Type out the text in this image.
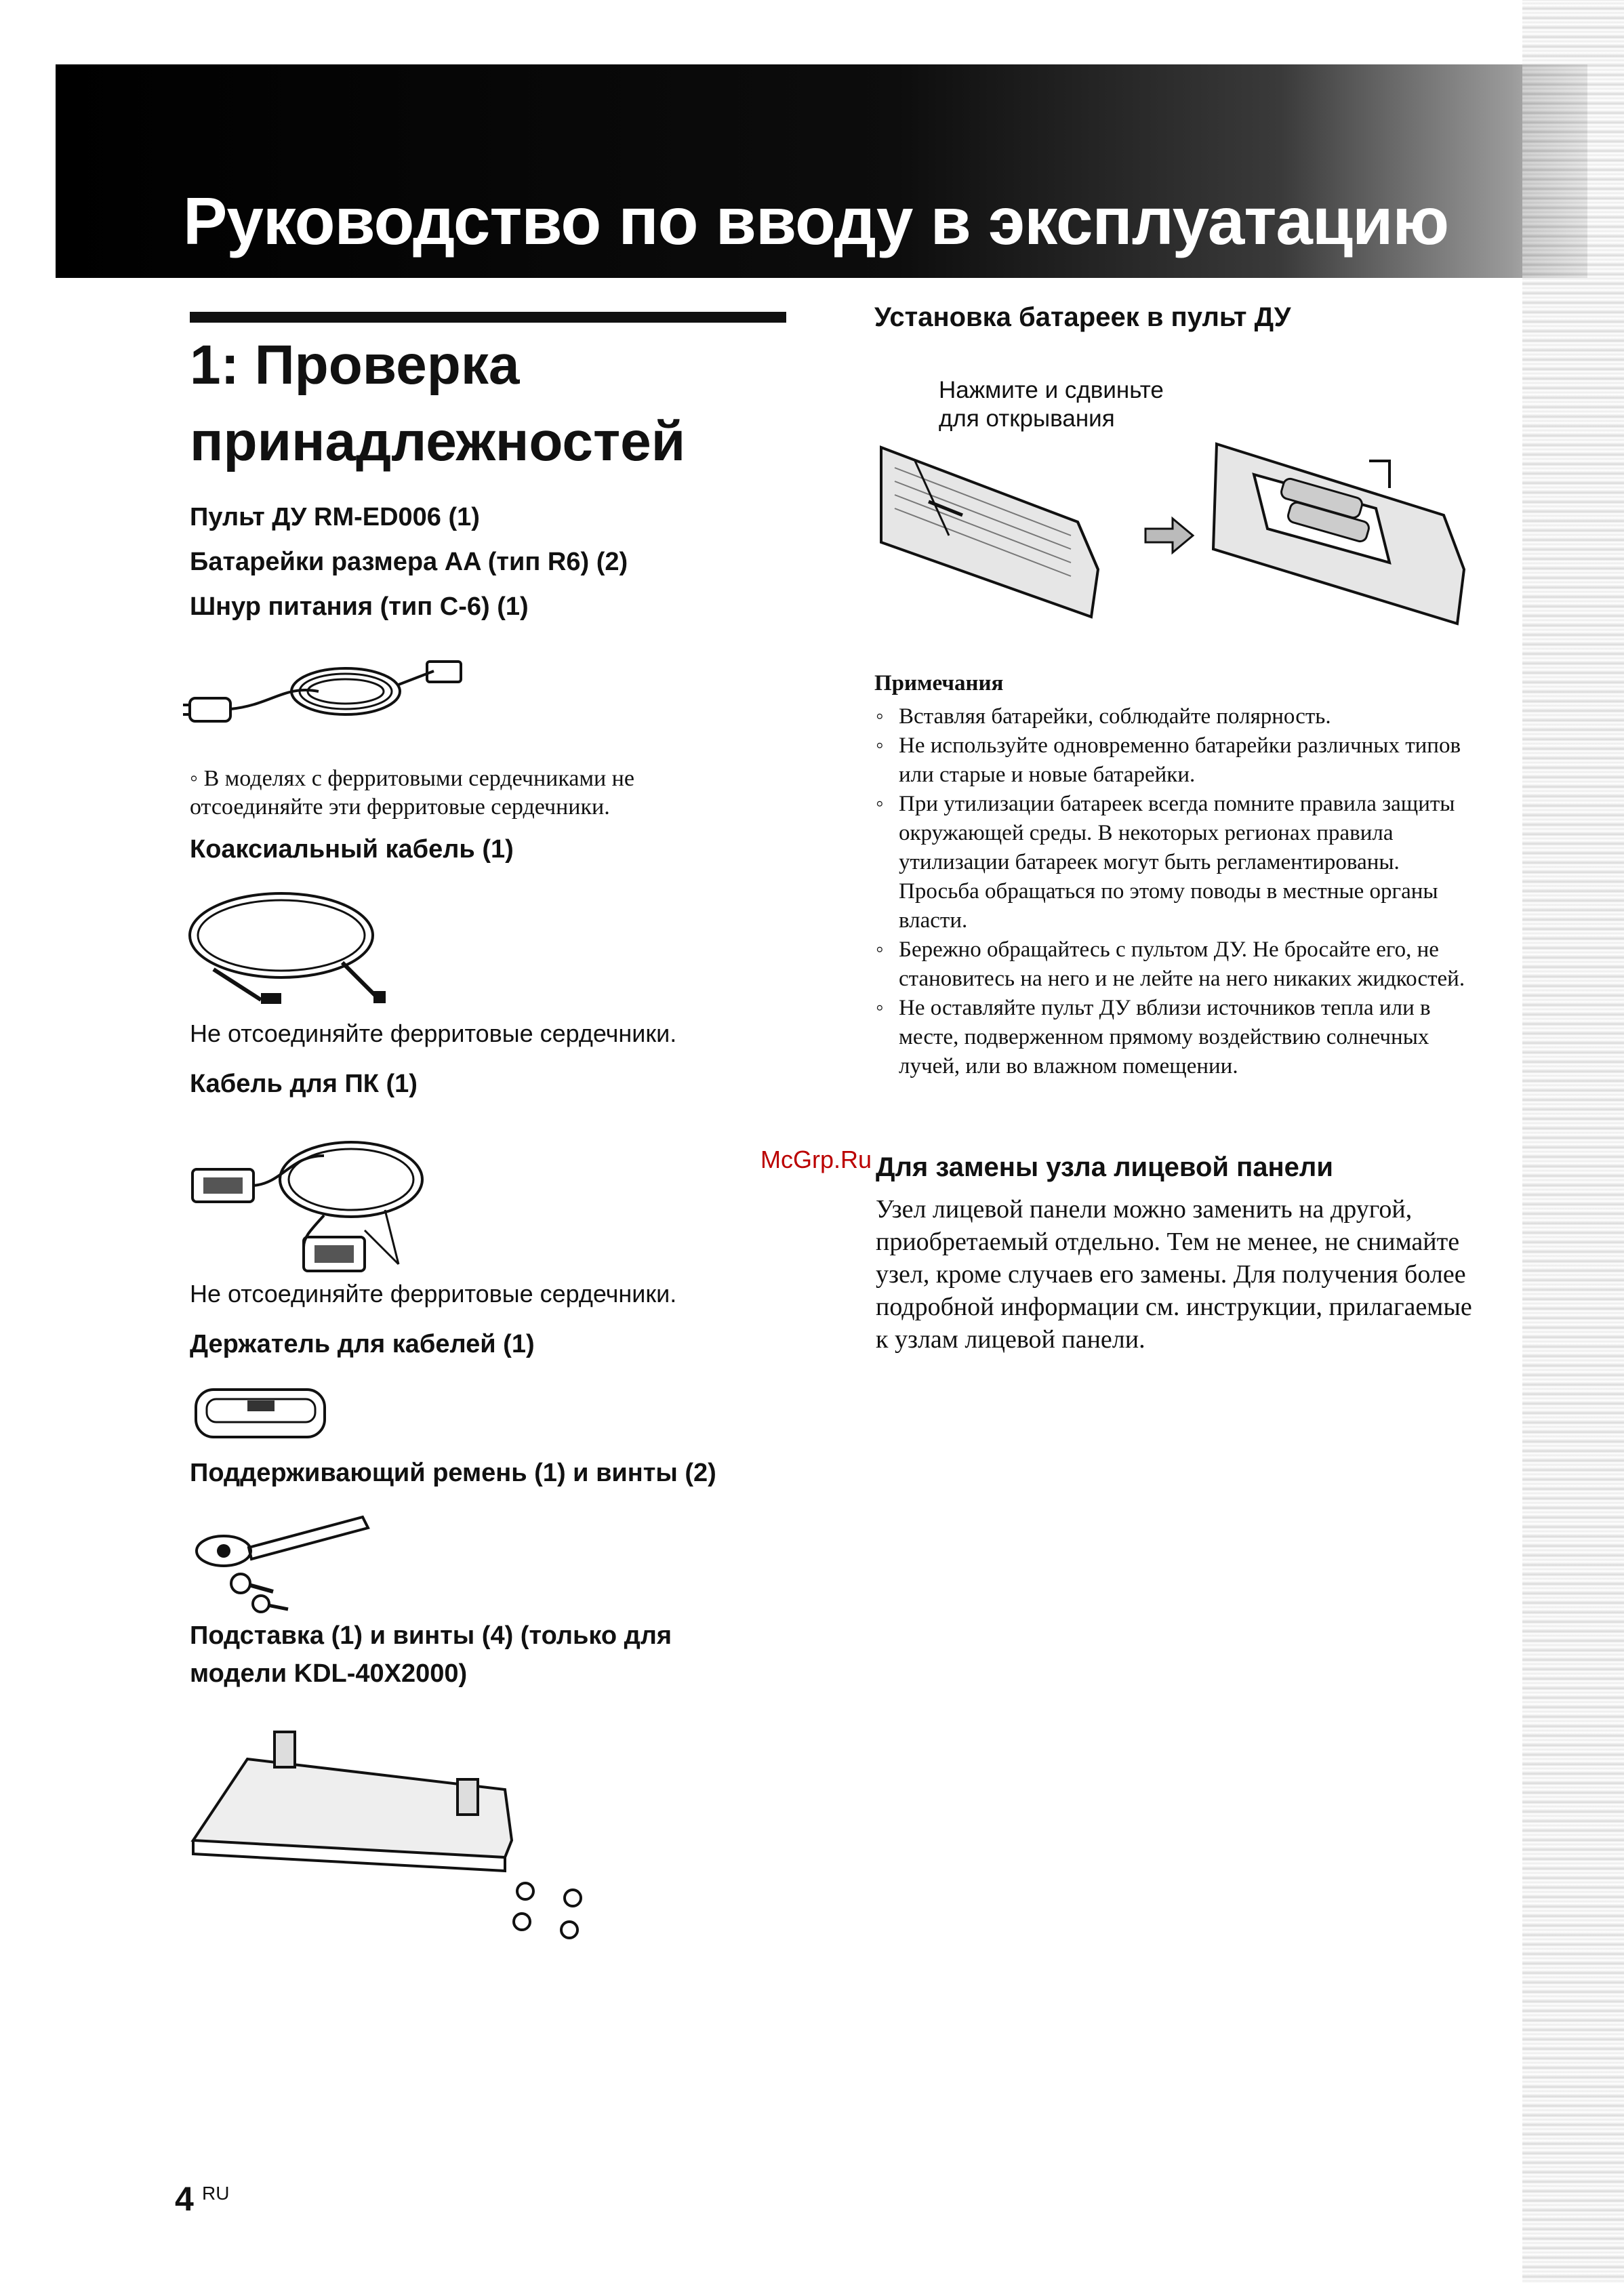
Руководство по вводу в эксплуатацию
1: Проверка
принадлежностей
Пульт ДУ RM-ED006 (1)
Батарейки размера AA (тип R6) (2)
Шнур питания (тип C-6) (1)
◦ В моделях с ферритовыми сердечниками не отсоединяйте эти ферритовые сердечники.
Коаксиальный кабель (1)
Не отсоединяйте ферритовые сердечники.
Кабель для ПК (1)
Не отсоединяйте ферритовые сердечники.
Держатель для кабелей (1)
Поддерживающий ремень (1) и винты (2)
Подставка (1) и винты (4) (только для
модели KDL-40X2000)
Установка батареек в пульт ДУ
Нажмите и сдвиньте
для открывания
Примечания
◦ Вставляя батарейки, соблюдайте полярность.
◦ Не используйте одновременно батарейки различных типов или старые и новые батарейки.
◦ При утилизации батареек всегда помните правила защиты окружающей среды. В некоторых регионах правила утилизации батареек могут быть регламентированы. Просьба обращаться по этому поводы в местные органы власти.
◦ Бережно обращайтесь с пультом ДУ. Не бросайте его, не становитесь на него и не лейте на него никаких жидкостей.
◦ Не оставляйте пульт ДУ вблизи источников тепла или в месте, подверженном прямому воздействию солнечных лучей, или во влажном помещении.
McGrp.Ru Для замены узла лицевой панели
Узел лицевой панели можно заменить на другой, приобретаемый отдельно. Тем не менее, не снимайте узел, кроме случаев его замены. Для получения более подробной информации см. инструкции, прилагаемые к узлам лицевой панели.
4 RU
